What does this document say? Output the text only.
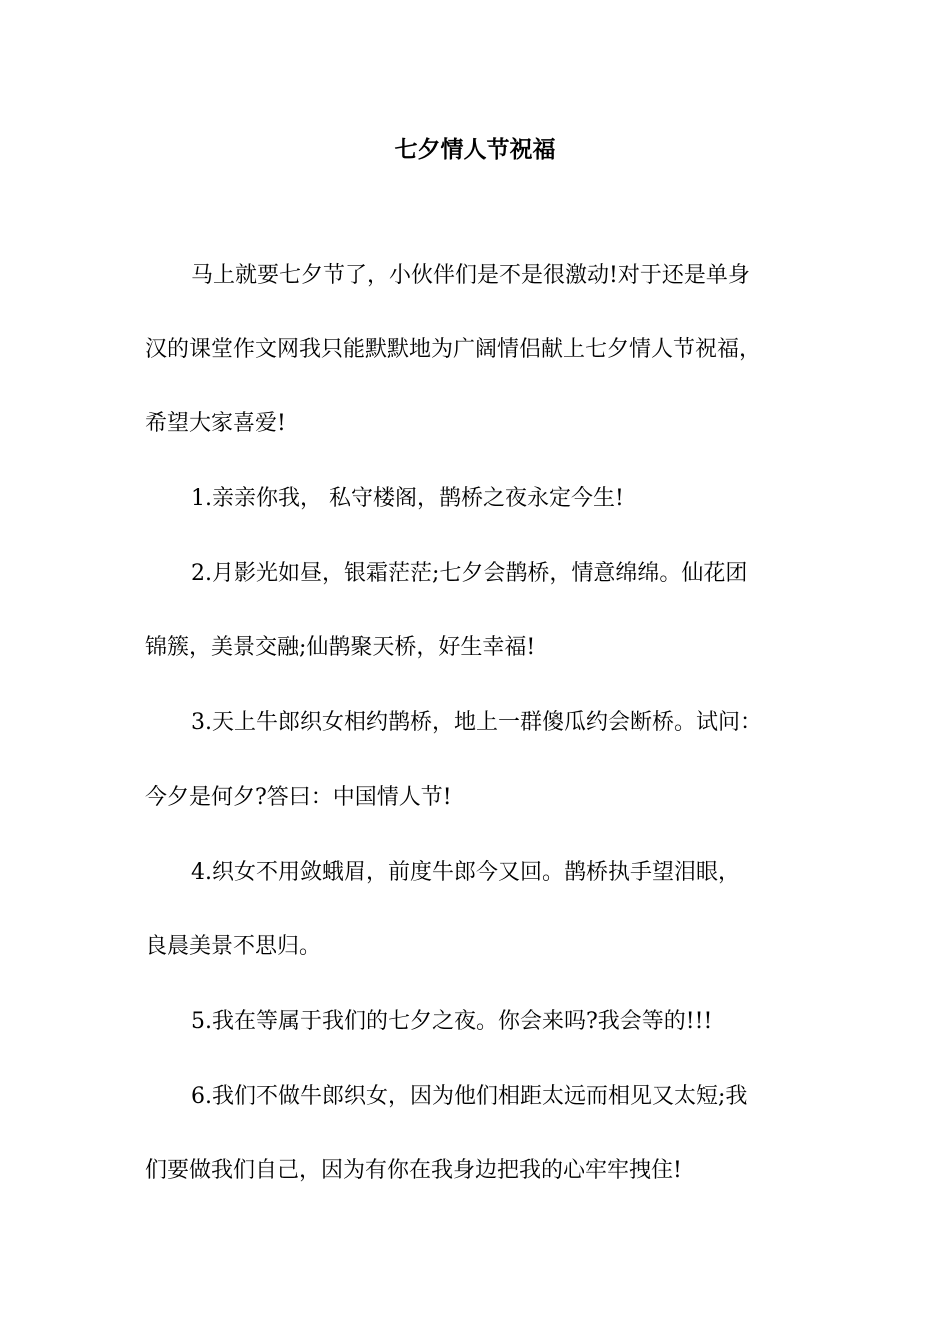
七夕情人节祝福
马上就要七夕节了，小伙伴们是不是很激动!对于还是单身
汉的课堂作文网我只能默默地为广阔情侣献上七夕情人节祝福，
希望大家喜爱!
1.亲亲你我， 私守楼阁，鹊桥之夜永定今生!
2.月影光如昼，银霜茫茫;七夕会鹊桥，情意绵绵。仙花团
锦簇，美景交融;仙鹊聚天桥，好生幸福!
3.天上牛郎织女相约鹊桥，地上一群傻瓜约会断桥。试问：
今夕是何夕?答曰：中国情人节!
4.织女不用敛蛾眉，前度牛郎今又回。鹊桥执手望泪眼，
良晨美景不思归。
5.我在等属于我们的七夕之夜。你会来吗?我会等的!!!
6.我们不做牛郎织女，因为他们相距太远而相见又太短;我
们要做我们自己，因为有你在我身边把我的心牢牢拽住!
